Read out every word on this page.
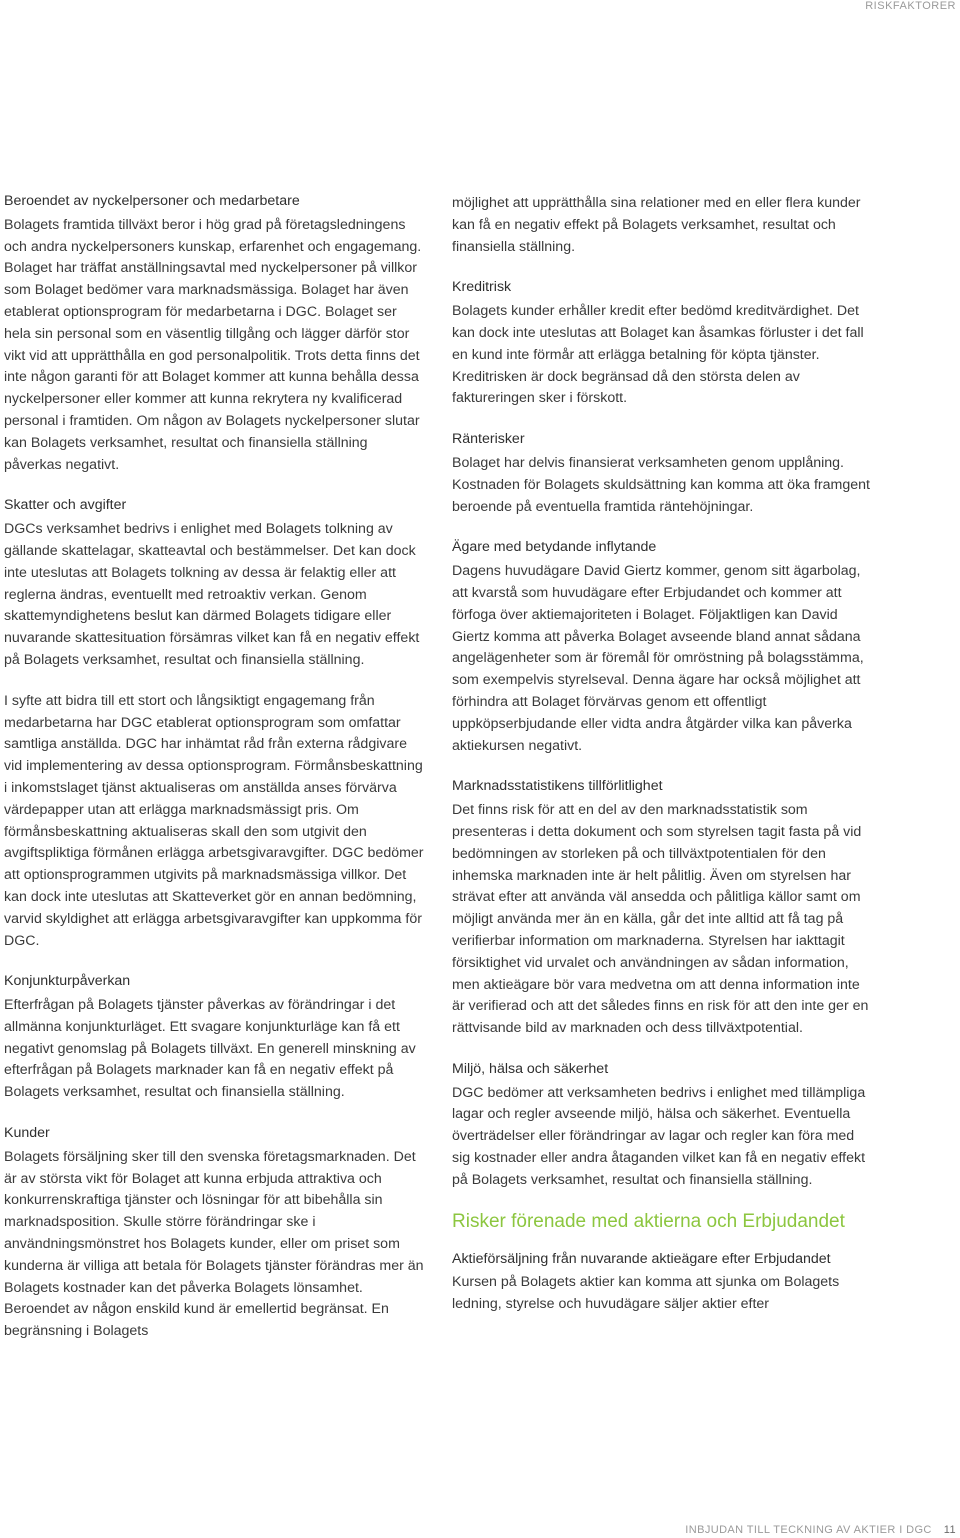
RISKFAKTORER
Beroendet av nyckelpersoner och medarbetare

Bolagets framtida tillväxt beror i hög grad på företagsledningens och andra nyckelpersoners kunskap, erfarenhet och engagemang. Bolaget har träffat anställningsavtal med nyckelpersoner på villkor som Bolaget bedömer vara marknadsmässiga. Bolaget har även etablerat optionsprogram för medarbetarna i DGC. Bolaget ser hela sin personal som en väsentlig tillgång och lägger därför stor vikt vid att upprätthålla en god personalpolitik. Trots detta finns det inte någon garanti för att Bolaget kommer att kunna behålla dessa nyckelpersoner eller kommer att kunna rekrytera ny kvalificerad personal i framtiden. Om någon av Bolagets nyckelpersoner slutar kan Bolagets verksamhet, resultat och finansiella ställning påverkas negativt.

Skatter och avgifter

DGCs verksamhet bedrivs i enlighet med Bolagets tolkning av gällande skattelagar, skatteavtal och bestämmelser. Det kan dock inte uteslutas att Bolagets tolkning av dessa är felaktig eller att reglerna ändras, eventuellt med retroaktiv verkan. Genom skattemyndighetens beslut kan därmed Bolagets tidigare eller nuvarande skattesituation försämras vilket kan få en negativ effekt på Bolagets verksamhet, resultat och finansiella ställning.

I syfte att bidra till ett stort och långsiktigt engagemang från medarbetarna har DGC etablerat optionsprogram som omfattar samtliga anställda. DGC har inhämtat råd från externa rådgivare vid implementering av dessa optionsprogram. Förmånsbeskattning i inkomstslaget tjänst aktualiseras om anställda anses förvärva värdepapper utan att erlägga marknadsmässigt pris. Om förmånsbeskattning aktualiseras skall den som utgivit den avgiftspliktiga förmånen erlägga arbetsgivaravgifter. DGC bedömer att optionsprogrammen utgivits på marknadsmässiga villkor. Det kan dock inte uteslutas att Skatteverket gör en annan bedömning, varvid skyldighet att erlägga arbetsgivaravgifter kan uppkomma för DGC.

Konjunkturpåverkan

Efterfrågan på Bolagets tjänster påverkas av förändringar i det allmänna konjunkturläget. Ett svagare konjunkturläge kan få ett negativt genomslag på Bolagets tillväxt. En generell minskning av efterfrågan på Bolagets marknader kan få en negativ effekt på Bolagets verksamhet, resultat och finansiella ställning.

Kunder

Bolagets försäljning sker till den svenska företagsmarknaden. Det är av största vikt för Bolaget att kunna erbjuda attraktiva och konkurrenskraftiga tjänster och lösningar för att bibehålla sin marknadsposition. Skulle större förändringar ske i användningsmönstret hos Bolagets kunder, eller om priset som kunderna är villiga att betala för Bolagets tjänster förändras mer än Bolagets kostnader kan det påverka Bolagets lönsamhet. Beroendet av någon enskild kund är emellertid begränsat. En begränsning i Bolagets

möjlighet att upprätthålla sina relationer med en eller flera kunder kan få en negativ effekt på Bolagets verksamhet, resultat och finansiella ställning.

Kreditrisk

Bolagets kunder erhåller kredit efter bedömd kreditvärdighet. Det kan dock inte uteslutas att Bolaget kan åsamkas förluster i det fall en kund inte förmår att erlägga betalning för köpta tjänster. Kreditrisken är dock begränsad då den största delen av faktureringen sker i förskott.

Ränterisker

Bolaget har delvis finansierat verksamheten genom upplåning. Kostnaden för Bolagets skuldsättning kan komma att öka framgent beroende på eventuella framtida räntehöjningar.

Ägare med betydande inflytande

Dagens huvudägare David Giertz kommer, genom sitt ägarbolag, att kvarstå som huvudägare efter Erbjudandet och kommer att förfoga över aktiemajoriteten i Bolaget. Följaktligen kan David Giertz komma att påverka Bolaget avseende bland annat sådana angelägenheter som är föremål för omröstning på bolagsstämma, som exempelvis styrelseval. Denna ägare har också möjlighet att förhindra att Bolaget förvärvas genom ett offentligt uppköpserbjudande eller vidta andra åtgärder vilka kan påverka aktiekursen negativt.

Marknadsstatistikens tillförlitlighet

Det finns risk för att en del av den marknadsstatistik som presenteras i detta dokument och som styrelsen tagit fasta på vid bedömningen av storleken på och tillväxtpotentialen för den inhemska marknaden inte är helt pålitlig. Även om styrelsen har strävat efter att använda väl ansedda och pålitliga källor samt om möjligt använda mer än en källa, går det inte alltid att få tag på verifierbar information om marknaderna. Styrelsen har iakttagit försiktighet vid urvalet och användningen av sådan information, men aktieägare bör vara medvetna om att denna information inte är verifierad och att det således finns en risk för att den inte ger en rättvisande bild av marknaden och dess tillväxtpotential.

Miljö, hälsa och säkerhet

DGC bedömer att verksamheten bedrivs i enlighet med tillämpliga lagar och regler avseende miljö, hälsa och säkerhet. Eventuella överträdelser eller förändringar av lagar och regler kan föra med sig kostnader eller andra åtaganden vilket kan få en negativ effekt på Bolagets verksamhet, resultat och finansiella ställning.

Risker förenade med aktierna och Erbjudandet
Aktieförsäljning från nuvarande aktieägare efter Erbjudandet

Kursen på Bolagets aktier kan komma att sjunka om Bolagets ledning, styrelse och huvudägare säljer aktier efter

INBJUDAN TILL TECKNING AV AKTIER I DGC 11
